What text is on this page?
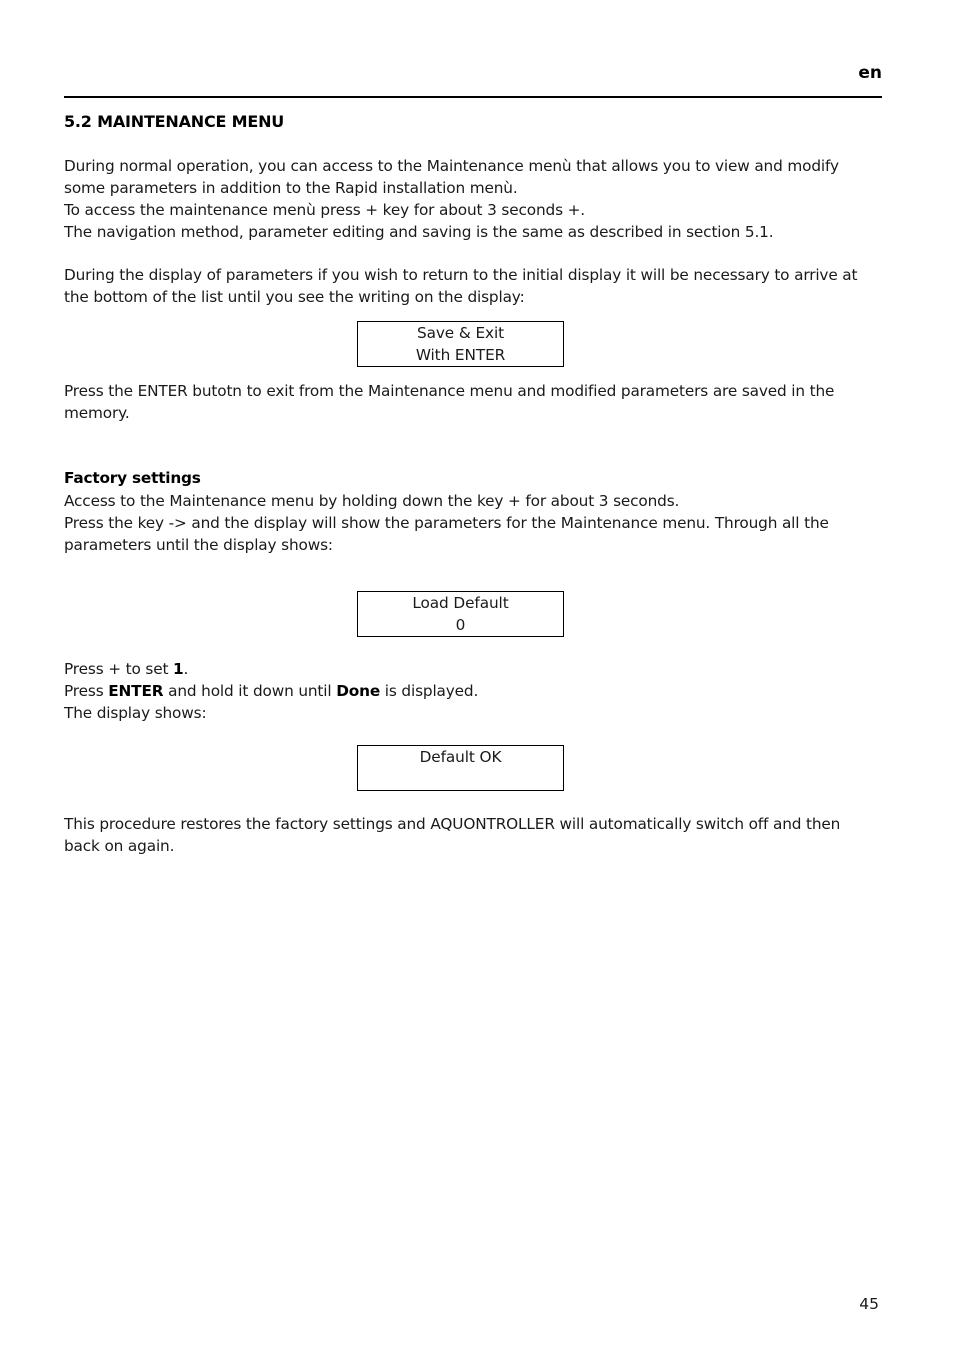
en
5.2 MAINTENANCE MENU
During normal operation, you can access to the Maintenance menù that allows you to view and modify
some parameters in addition to the Rapid installation menù.
To access the maintenance menù press + key for about 3 seconds +.
The navigation method, parameter editing and saving is the same as described in section 5.1.
During the display of parameters if you wish to return to the initial display it will be necessary to arrive at
the bottom of the list until you see the writing on the display:
Save & Exit
With ENTER
Press the ENTER butotn to exit from the Maintenance menu and modified parameters are saved in the
memory.
Factory settings
Access to the Maintenance menu by holding down the key + for about 3 seconds.
Press the key -> and the display will show the parameters for the Maintenance menu. Through all the
parameters until the display shows:
Load Default
0
Press + to set 1.
Press ENTER and hold it down until Done is displayed.
The display shows:
Default OK
This procedure restores the factory settings and AQUONTROLLER will automatically switch off and then
back on again.
45
